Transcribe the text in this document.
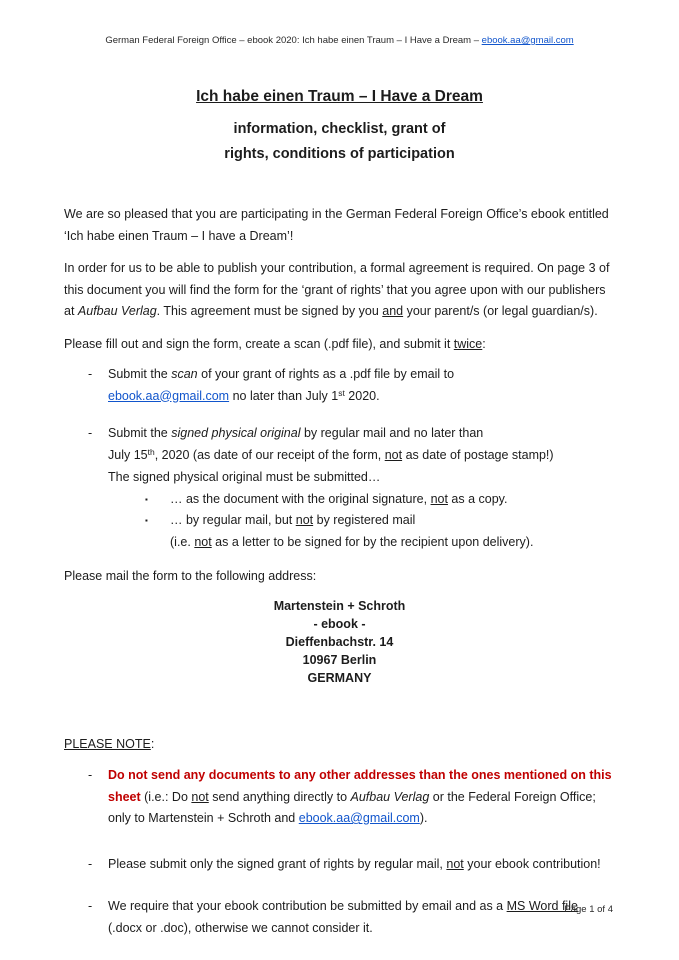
German Federal Foreign Office – ebook 2020: Ich habe einen Traum – I Have a Dream – ebook.aa@gmail.com
Ich habe einen Traum – I Have a Dream
information, checklist, grant of
rights, conditions of participation

We are so pleased that you are participating in the German Federal Foreign Office’s ebook entitled ‘Ich habe einen Traum – I have a Dream’!

In order for us to be able to publish your contribution, a formal agreement is required. On page 3 of this document you will find the form for the ‘grant of rights’ that you agree upon with our publishers at Aufbau Verlag. This agreement must be signed by you and your parent/s (or legal guardian/s).

Please fill out and sign the form, create a scan (.pdf file), and submit it twice:

-	Submit the scan of your grant of rights as a .pdf file by email to
ebook.aa@gmail.com no later than July 1st 2020.
-	Submit the signed physical original by regular mail and no later than
July 15th, 2020 (as date of our receipt of the form, not as date of postage stamp!)
The signed physical original must be submitted…
▪	… as the document with the original signature, not as a copy.
▪	… by regular mail, but not by registered mail
(i.e. not as a letter to be signed for by the recipient upon delivery).

Please mail the form to the following address:

Martenstein + Schroth
- ebook -
Dieffenbachstr. 14
10967 Berlin
GERMANY

PLEASE NOTE:

-	Do not send any documents to any other addresses than the ones mentioned on this sheet (i.e.: Do not send anything directly to Aufbau Verlag or the Federal Foreign Office; only to Martenstein + Schroth and ebook.aa@gmail.com).
-	Please submit only the signed grant of rights by regular mail, not your ebook contribution!
-	We require that your ebook contribution be submitted by email and as a MS Word file (.docx or .doc), otherwise we cannot consider it.
Page 1 of 4
